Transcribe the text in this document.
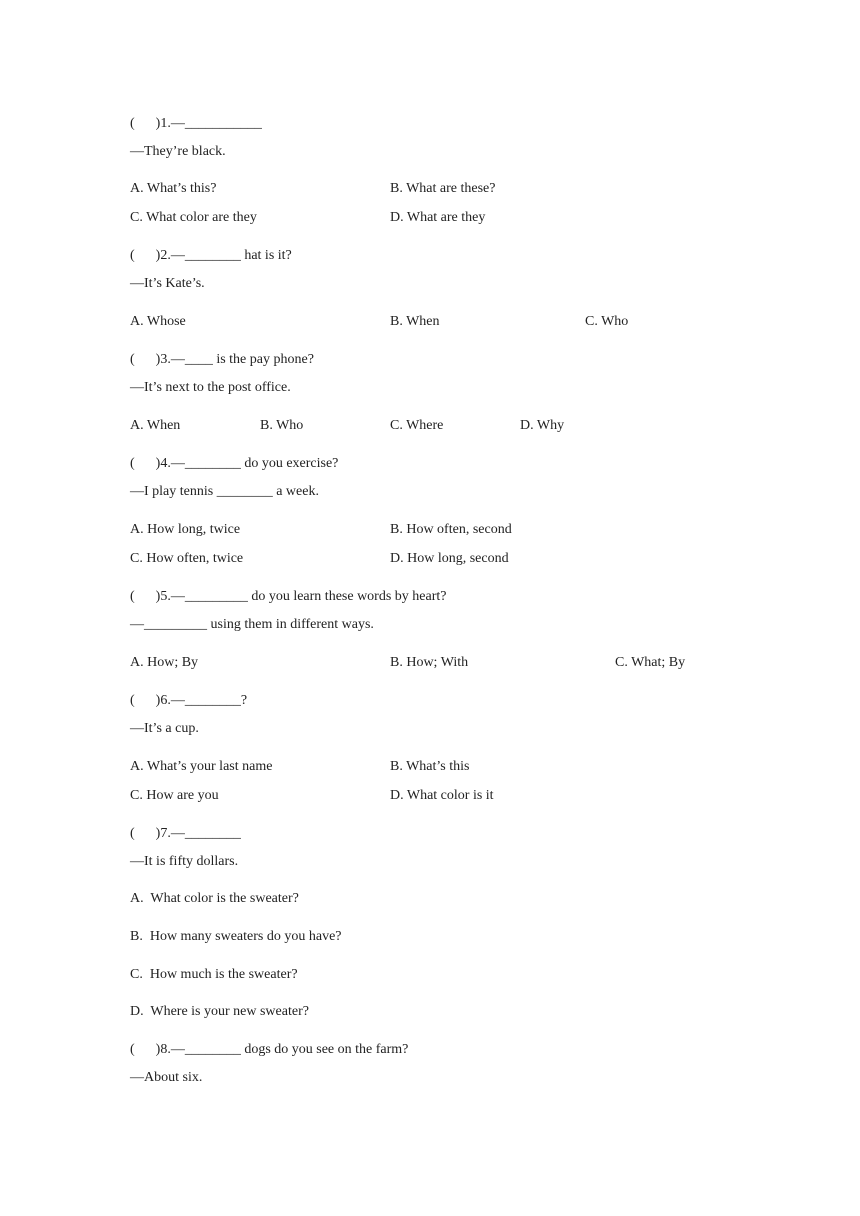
(      )1.—___________
—They’re black.
A. What’s this?	B. What are these?
C. What color are they	D. What are they
(      )2.—________ hat is it?
—It’s Kate’s.
A. Whose	B. When	C. Who
(      )3.—____ is the pay phone?
—It’s next to the post office.
A. When	B. Who	C. Where	D. Why
(      )4.—________ do you exercise?
—I play tennis ________ a week.
A. How long, twice	B. How often, second
C. How often, twice	D. How long, second
(      )5.—_________ do you learn these words by heart?
—_________ using them in different ways.
A. How; By	B. How; With	C. What; By
(      )6.—________?
—It’s a cup.
A. What’s your last name	B. What’s this
C. How are you	D. What color is it
(      )7.—________
—It is fifty dollars.
A.  What color is the sweater?
B.  How many sweaters do you have?
C.  How much is the sweater?
D.  Where is your new sweater?
(      )8.—________ dogs do you see on the farm?
—About six.
